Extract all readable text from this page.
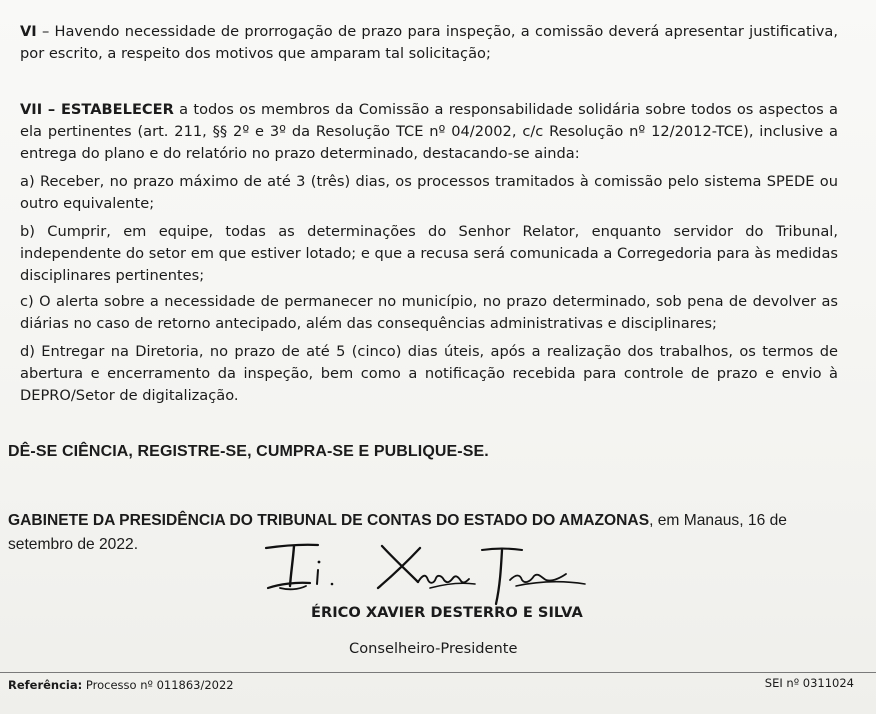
VI – Havendo necessidade de prorrogação de prazo para inspeção, a comissão deverá apresentar justificativa, por escrito, a respeito dos motivos que amparam tal solicitação;

VII – ESTABELECER a todos os membros da Comissão a responsabilidade solidária sobre todos os aspectos a ela pertinentes (art. 211, §§ 2º e 3º da Resolução TCE nº 04/2002, c/c Resolução nº 12/2012-TCE), inclusive a entrega do plano e do relatório no prazo determinado, destacando-se ainda:

a) Receber, no prazo máximo de até 3 (três) dias, os processos tramitados à comissão pelo sistema SPEDE ou outro equivalente;

b) Cumprir, em equipe, todas as determinações do Senhor Relator, enquanto servidor do Tribunal, independente do setor em que estiver lotado; e que a recusa será comunicada a Corregedoria para às medidas disciplinares pertinentes;

c) O alerta sobre a necessidade de permanecer no município, no prazo determinado, sob pena de devolver as diárias no caso de retorno antecipado, além das consequências administrativas e disciplinares;

d) Entregar na Diretoria, no prazo de até 5 (cinco) dias úteis, após a realização dos trabalhos, os termos de abertura e encerramento da inspeção, bem como a notificação recebida para controle de prazo e envio à DEPRO/Setor de digitalização.

DÊ-SE CIÊNCIA, REGISTRE-SE, CUMPRA-SE E PUBLIQUE-SE.

GABINETE DA PRESIDÊNCIA DO TRIBUNAL DE CONTAS DO ESTADO DO AMAZONAS, em Manaus, 16 de setembro de 2022.

ÉRICO XAVIER DESTERRO E SILVA
Conselheiro-Presidente
Referência: Processo nº 011863/2022	SEI nº 0311024
